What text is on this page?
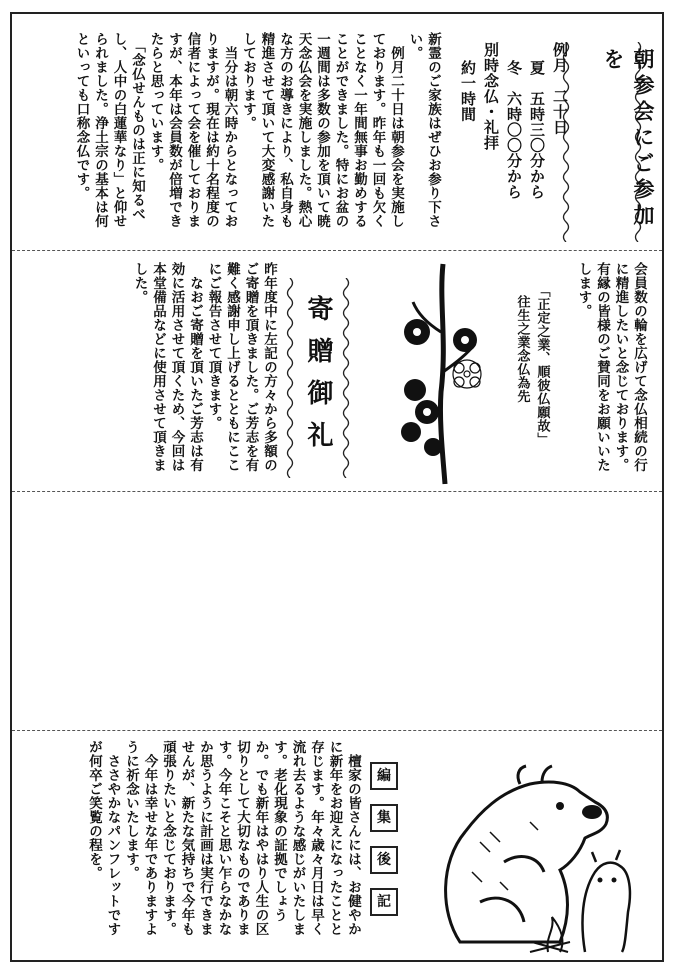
朝参会にご参加を
例月　二十日
夏　五時三〇分から
冬　六時〇〇分から
別時念仏・礼拝
約一時間
新霊のご家族はぜひお参り下さい。
　例月二十日は朝参会を実施しております。昨年も一回も欠くことなく一年間無事お勤めすることができました。特にお盆の一週間は多数の参加を頂いて暁天念仏会を実施しました。熱心な方のお導きにより、私自身も精進させて頂いて大変感謝いたしております。
　当分は朝六時からとなっておりますが。現在は約十名程度の信者によって会を催しておりますが、本年は会員数が倍増できたらと思っています。
　「念仏せんものは正に知るべし、人中の白蓮華なり」と仰せられました。浄土宗の基本は何といっても口称念仏です。
会員数の輪を広げて念仏相続の行に精進したいと念じております。有縁の皆様のご賛同をお願いいたします。
「正定之業、順彼仏願故」
往生之業念仏為先
寄贈御礼
昨年度中に左記の方々から多額のご寄贈を頂きました。ご芳志を有難く感謝申し上げるとともにここにご報告させて頂きます。
　なおご寄贈を頂いたご芳志は有効に活用させて頂くため、今回は本堂備品などに使用させて頂きました。
編
集
後
記
　檀家の皆さんには、お健やかに新年をお迎えになったことと存じます。年々歳々月日は早く流れ去るような感じがいたします。老化現象の証拠でしょうか。でも新年はやはり人生の区切りとして大切なものであります。今年こそと思い乍らなかなか思うように計画は実行できませんが、新たな気持ちで今年も頑張りたいと念じております。
　今年は幸せな年でありますように祈念いたします。
　ささやかなパンフレットですが何卒ご笑覧の程を。
